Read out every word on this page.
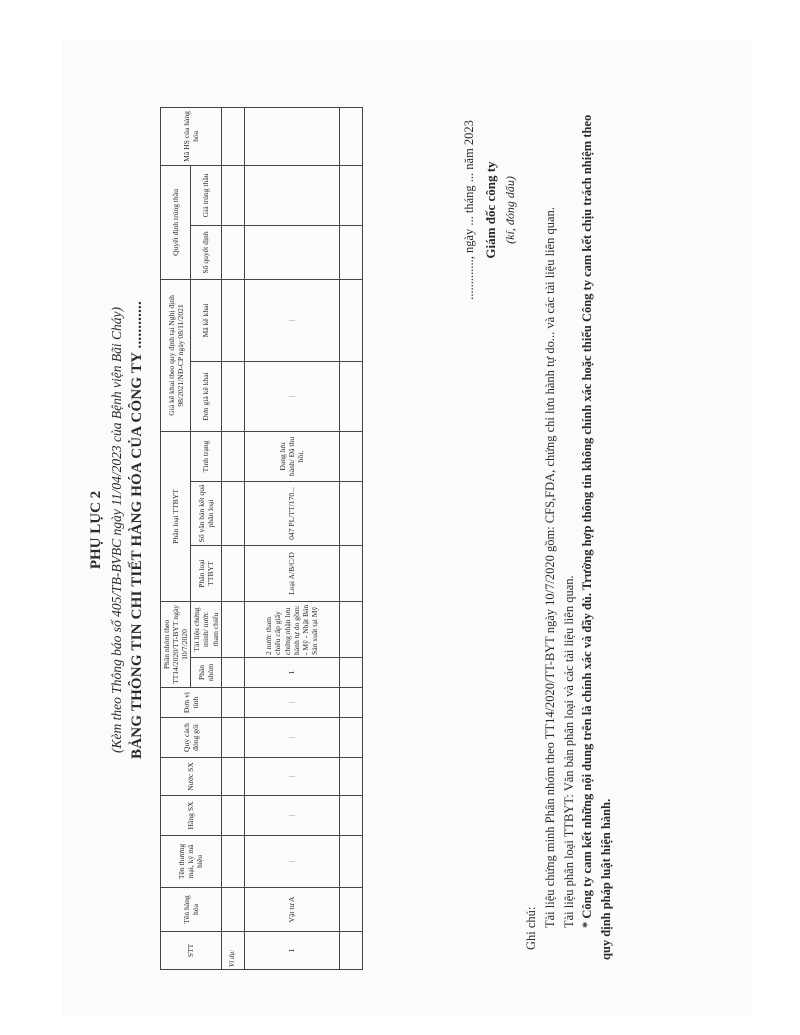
PHỤ LỤC 2 (Kèm theo Thông báo số 405/TB-BVBC ngày 11/04/2023 của Bệnh viện Bãi Cháy) BẢNG THÔNG TIN CHI TIẾT HÀNG HÓA CỦA CÔNG TY ............
STT	Tên hàng hóa	Tên thương mại, ký mã hiệu	Hãng SX	Nước SX	Quy cách đóng gói	Đơn vị tính	Phân nhóm theo TT14/2020/TT-BYT ngày 10/7/2020		Phân loại TTBYT			Giá kê khai theo quy định tại Nghị định 98/2021/NĐ-CP ngày 08/11/2021		Quyết định trúng thầu		Mã HS của hàng hóa
							Phân nhóm	Tài liệu chứng minh/ nước tham chiếu	Phân loại TTBYT	Số văn bản kết quả phân loại	Tình trạng	Đơn giá kê khai	Mã kê khai	Số quyết định	Giá trúng thầu	
Ví dụ:																
1	Vật tư A	|	|	|	|	|	1	2 nước tham chiếu cấp giấy chứng nhận lưu hành tự do gồm: - Mỹ - Nhật Bản Sản xuất tại Mỹ	Loại A/B/C/D	047 PL/TT/170...	Đang lưu hành/ Đã thu hồi.	|	|			

............., ngày ... tháng ... năm 2023 Giám đốc công ty (kí, đóng dấu)

Ghi chú:

Tài liệu chứng minh Phân nhóm theo TT14/2020/TT-BYT ngày 10/7/2020 gồm: CFS,FDA, chứng chỉ lưu hành tự do... và các tài liệu liên quan. Tài liệu phân loại TTBYT: Văn bản phân loại và các tài liệu liên quan. * Công ty cam kết những nội dung trên là chính xác và đầy đủ. Trường hợp thông tin không chính xác hoặc thiếu Công ty cam kết chịu trách nhiệm theo quy định pháp luật hiện hành.
